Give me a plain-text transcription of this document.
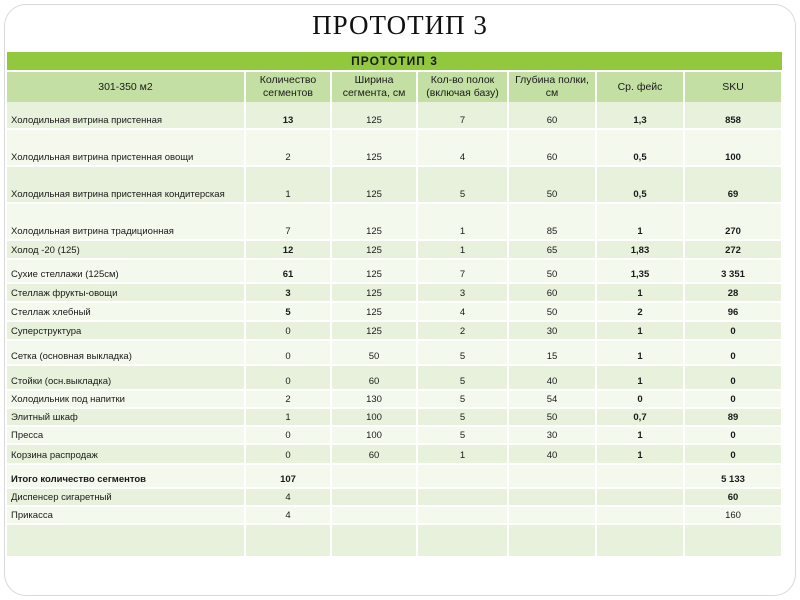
ПРОТОТИП 3
ПРОТОТИП 3						
301-350 м2	Количество сегментов	Ширина сегмента, см	Кол-во полок (включая базу)	Глубина полки, см	Ср. фейс	SKU
Холодильная витрина пристенная	13	125	7	60	1,3	858
Холодильная витрина пристенная овощи	2	125	4	60	0,5	100
Холодильная витрина пристенная кондитерская	1	125	5	50	0,5	69
Холодильная витрина традиционная	7	125	1	85	1	270
Холод -20 (125)	12	125	1	65	1,83	272
Сухие стеллажи (125см)	61	125	7	50	1,35	3 351
Стеллаж фрукты-овощи	3	125	3	60	1	28
Стеллаж хлебный	5	125	4	50	2	96
Суперструктура	0	125	2	30	1	0
Сетка (основная выкладка)	0	50	5	15	1	0
Стойки (осн.выкладка)	0	60	5	40	1	0
Холодильник под напитки	2	130	5	54	0	0
Элитный шкаф	1	100	5	50	0,7	89
Пресса	0	100	5	30	1	0
Корзина распродаж	0	60	1	40	1	0
Итого количество сегментов	107					5 133
Диспенсер сигаретный	4					60
Прикасса	4					160
